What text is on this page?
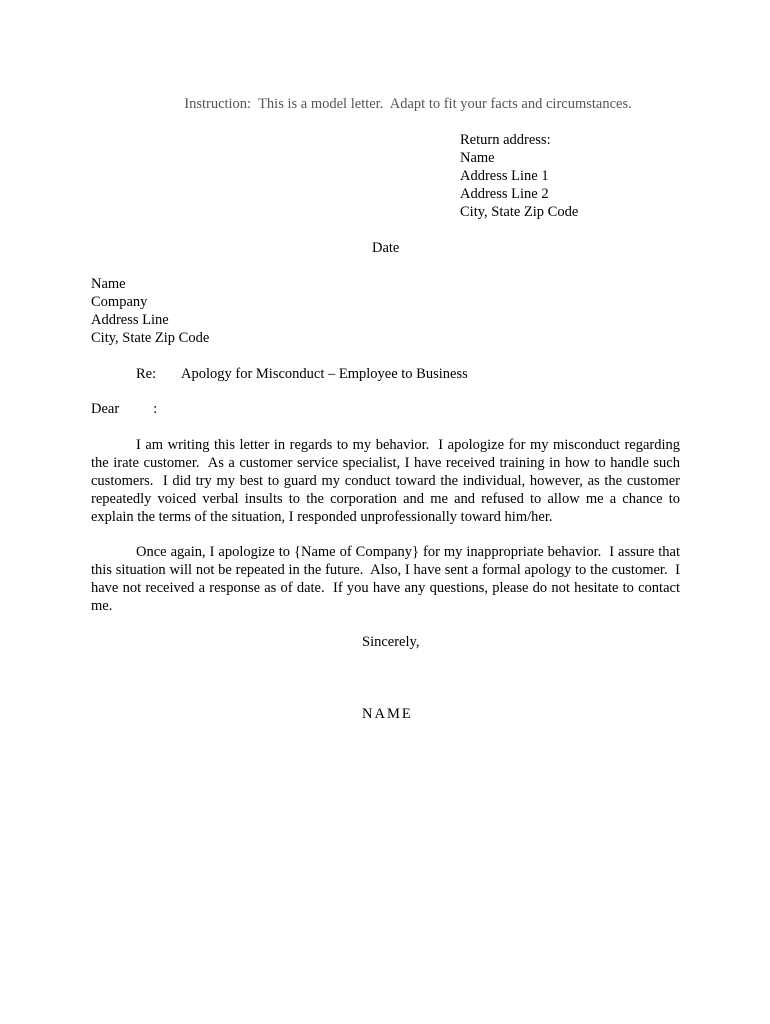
Instruction:  This is a model letter.  Adapt to fit your facts and circumstances.
Return address:
Name
Address Line 1
Address Line 2
City, State Zip Code
Date
Name
Company
Address Line
City, State Zip Code
Re: Apology for Misconduct – Employee to Business
Dear :

I am writing this letter in regards to my behavior.  I apologize for my misconduct regarding the irate customer.  As a customer service specialist, I have received training in how to handle such customers.  I did try my best to guard my conduct toward the individual, however, as the customer repeatedly voiced verbal insults to the corporation and me and refused to allow me a chance to explain the terms of the situation, I responded unprofessionally toward him/her.

Once again, I apologize to {Name of Company} for my inappropriate behavior.  I assure that this situation will not be repeated in the future.  Also, I have sent a formal apology to the customer.  I have not received a response as of date.  If you have any questions, please do not hesitate to contact me.

Sincerely,
NAME
